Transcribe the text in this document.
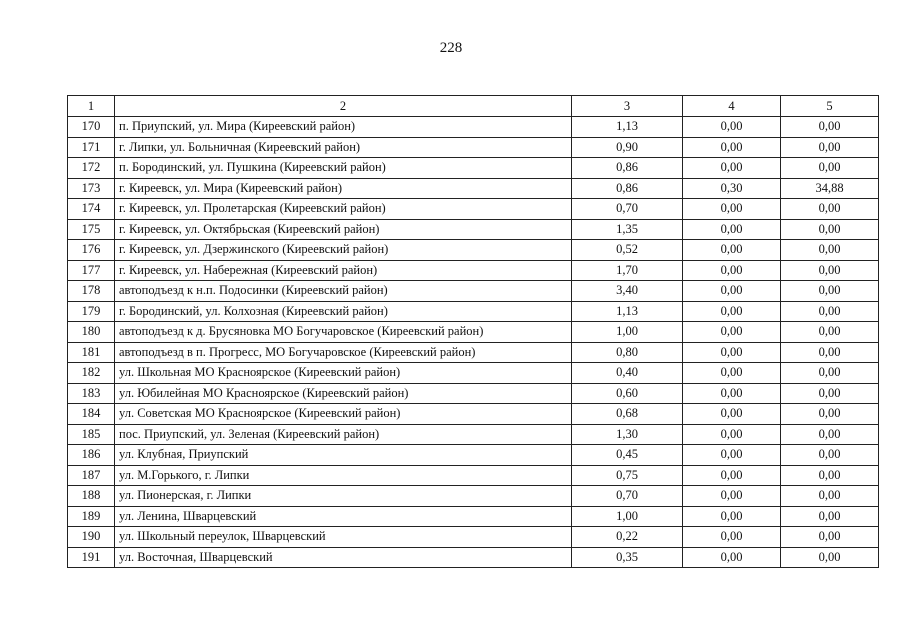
228
1	2	3	4	5
170	п. Приупский, ул. Мира (Киреевский район)	1,13	0,00	0,00
171	г. Липки, ул. Больничная (Киреевский район)	0,90	0,00	0,00
172	п. Бородинский, ул. Пушкина (Киреевский район)	0,86	0,00	0,00
173	г. Киреевск, ул. Мира (Киреевский район)	0,86	0,30	34,88
174	г. Киреевск, ул. Пролетарская (Киреевский район)	0,70	0,00	0,00
175	г. Киреевск, ул. Октябрьская (Киреевский район)	1,35	0,00	0,00
176	г. Киреевск, ул. Дзержинского (Киреевский район)	0,52	0,00	0,00
177	г. Киреевск, ул. Набережная (Киреевский район)	1,70	0,00	0,00
178	автоподъезд к н.п. Подосинки (Киреевский район)	3,40	0,00	0,00
179	г. Бородинский, ул. Колхозная (Киреевский район)	1,13	0,00	0,00
180	автоподъезд к д. Брусяновка МО Богучаровское (Киреевский район)	1,00	0,00	0,00
181	автоподъезд в п. Прогресс, МО Богучаровское (Киреевский район)	0,80	0,00	0,00
182	ул. Школьная МО Красноярское (Киреевский район)	0,40	0,00	0,00
183	ул. Юбилейная МО Красноярское (Киреевский район)	0,60	0,00	0,00
184	ул. Советская МО Красноярское (Киреевский район)	0,68	0,00	0,00
185	пос. Приупский, ул. Зеленая (Киреевский район)	1,30	0,00	0,00
186	ул. Клубная, Приупский	0,45	0,00	0,00
187	ул. М.Горького, г. Липки	0,75	0,00	0,00
188	ул. Пионерская, г. Липки	0,70	0,00	0,00
189	ул. Ленина, Шварцевский	1,00	0,00	0,00
190	ул. Школьный переулок, Шварцевский	0,22	0,00	0,00
191	ул. Восточная, Шварцевский	0,35	0,00	0,00
